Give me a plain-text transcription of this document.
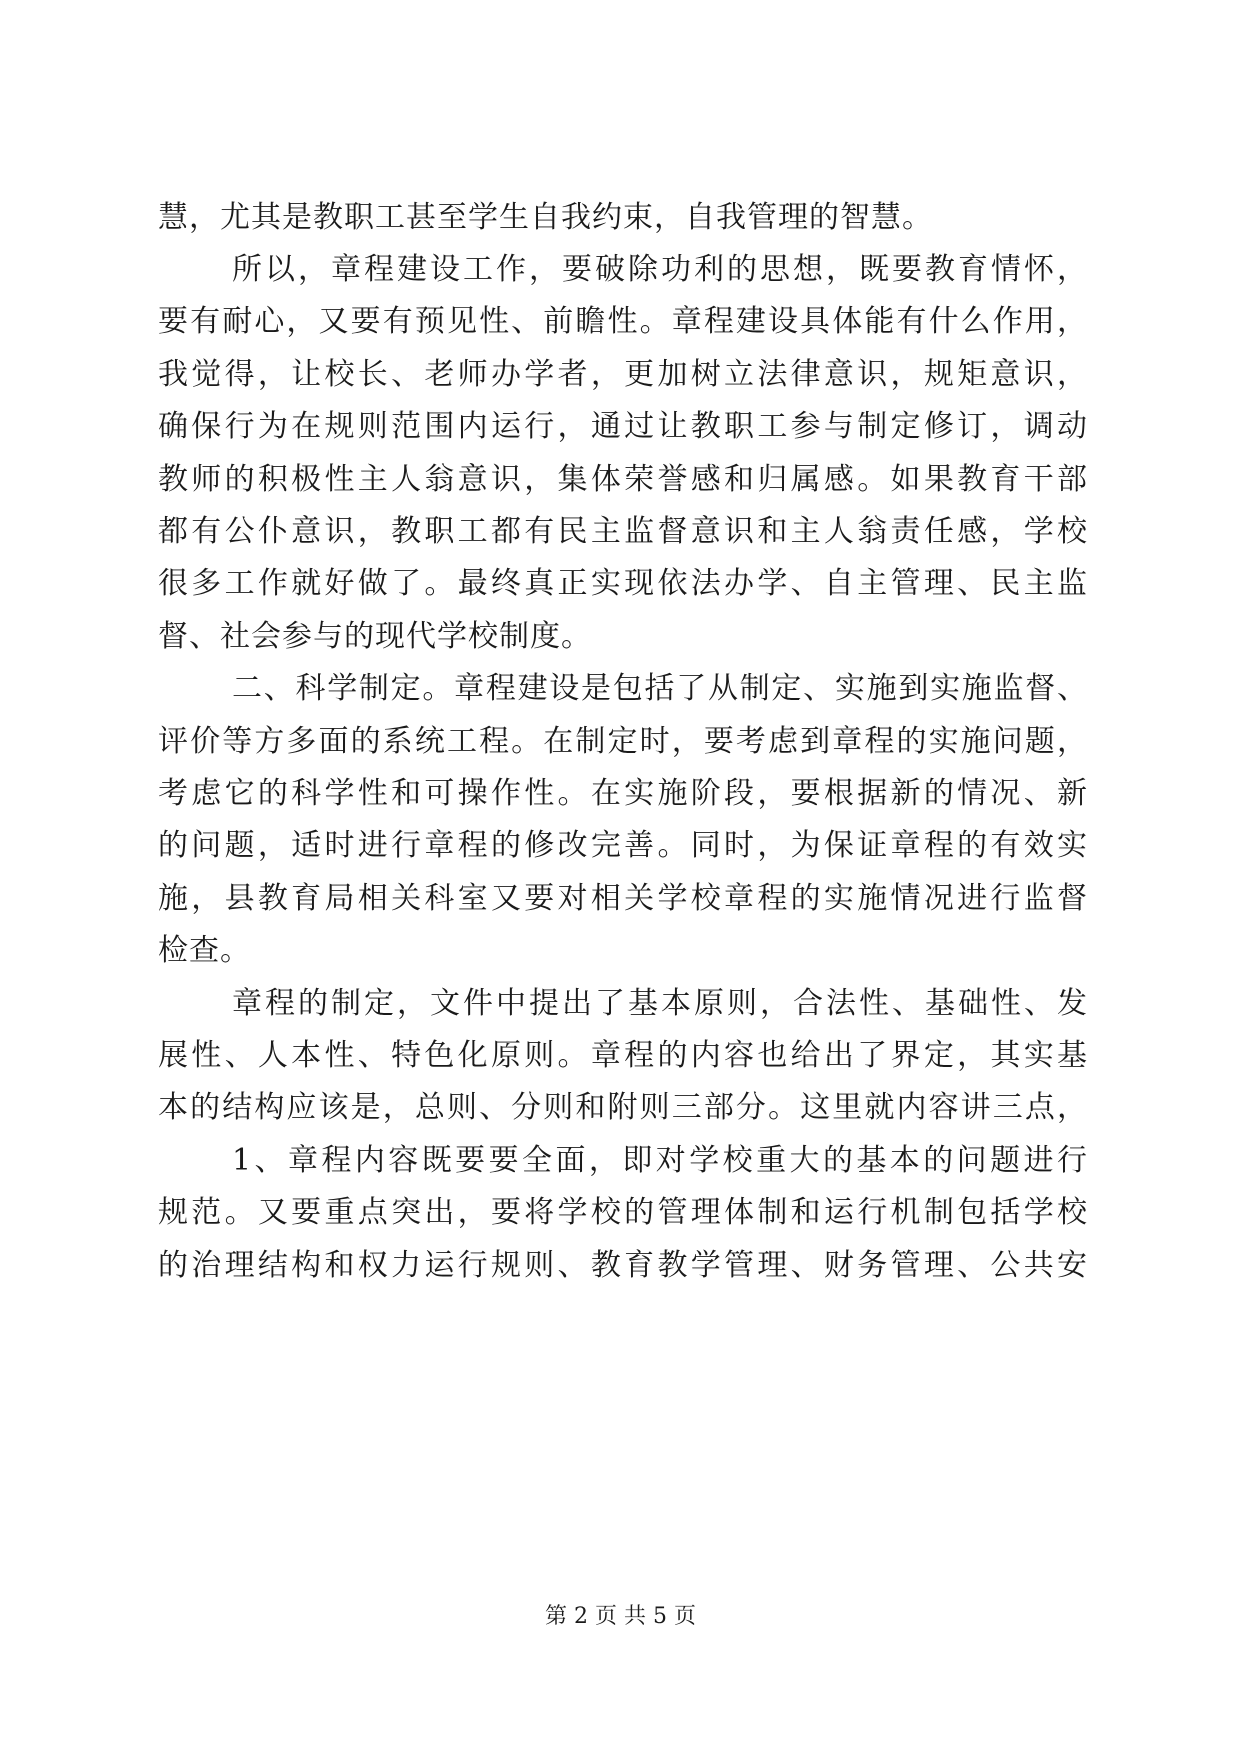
慧，尤其是教职工甚至学生自我约束，自我管理的智慧。
所以，章程建设工作，要破除功利的思想，既要教育情怀，
要有耐心，又要有预见性、前瞻性。章程建设具体能有什么作用，
我觉得，让校长、老师办学者，更加树立法律意识，规矩意识，
确保行为在规则范围内运行，通过让教职工参与制定修订，调动
教师的积极性主人翁意识，集体荣誉感和归属感。如果教育干部
都有公仆意识，教职工都有民主监督意识和主人翁责任感，学校
很多工作就好做了。最终真正实现依法办学、自主管理、民主监
督、社会参与的现代学校制度。
二、科学制定。章程建设是包括了从制定、实施到实施监督、
评价等方多面的系统工程。在制定时，要考虑到章程的实施问题，
考虑它的科学性和可操作性。在实施阶段，要根据新的情况、新
的问题，适时进行章程的修改完善。同时，为保证章程的有效实
施，县教育局相关科室又要对相关学校章程的实施情况进行监督
检查。
章程的制定，文件中提出了基本原则，合法性、基础性、发
展性、人本性、特色化原则。章程的内容也给出了界定，其实基
本的结构应该是，总则、分则和附则三部分。这里就内容讲三点，
1、章程内容既要要全面，即对学校重大的基本的问题进行
规范。又要重点突出，要将学校的管理体制和运行机制包括学校
的治理结构和权力运行规则、教育教学管理、财务管理、公共安
第 2 页 共 5 页
